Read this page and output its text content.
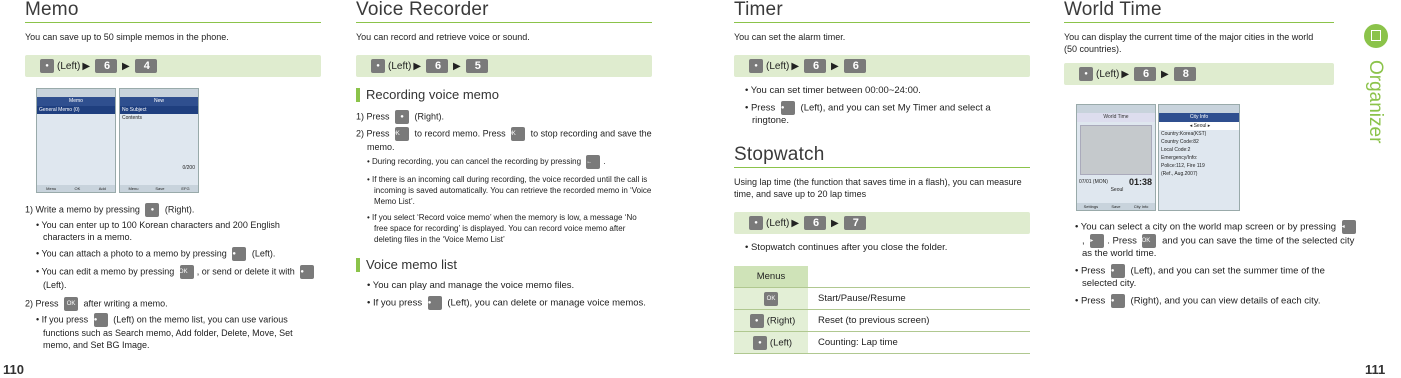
Memo
You can save up to 50 simple memos in the phone.
● (Left) ▶ 6 ▶ 4
Memo
General Memo (0)
Menu	OK	Add
New
No Subject
Contents
0/200
Menu	Save	EFG

1) Write a memo by pressing ● (Right).

• You can enter up to 100 Korean characters and 200 English characters in a memo.

• You can attach a photo to a memo by pressing ● (Left).

• You can edit a memo by pressing OK , or send or delete it with ●(Left).

2) Press OK after writing a memo.

• If you press ● (Left) on the memo list, you can use various functions such as Search memo, Add folder, Delete, Move, Set memo, and Set BG Image.

110
Voice Recorder
You can record and retrieve voice or sound.
● (Left) ▶ 6 ▶ 5
Recording voice memo

1) Press ● (Right).

2) Press OK to record memo. Press OK to stop recording and save the memo.

• During recording, you can cancel the recording by pressing ← .

• If there is an incoming call during recording, the voice recorded until the call is incoming is saved automatically. You can retrieve the recorded memo in ‘Voice Memo List’.

• If you select ‘Record voice memo’ when the memory is low, a message ‘No free space for recording’ is displayed. You can record voice memo after deleting files in the ‘Voice Memo List’

Voice memo list

• You can play and manage the voice memo files.

• If you press ● (Left), you can delete or manage voice memos.

Timer
You can set the alarm timer.
● (Left) ▶ 6 ▶ 6

• You can set timer between 00:00~24:00.

• Press ● (Left), and you can set My Timer and select a ringtone.

Stopwatch
Using lap time (the function that saves time in a flash), you can measure time, and save up to 20 lap times
● (Left) ▶ 6 ▶ 7

• Stopwatch continues after you close the folder.

Menus	
OK	Start/Pause/Resume
● (Right)	Reset (to previous screen)
● (Left)	Counting: Lap time
World Time
You can display the current time of the major cities in the world
(50 countries).
● (Left) ▶ 6 ▶ 8
World Time
07/01 (MON) 01:38
Seoul
Settings	Save	City Info
City Info
◂ Seoul ▸
Country:Korea(KST)
Country Code:82
Local Code:2
Emergency/Info:
Police:112, Fire 119
(Ref., Aug.2007)

• You can select a city on the world map screen or by pressing ◂, ▸ . Press OK and you can save the time of the selected city as the world time.

• Press ● (Left), and you can set the summer time of the selected city.

• Press ● (Right), and you can view details of each city.

Organizer
111
